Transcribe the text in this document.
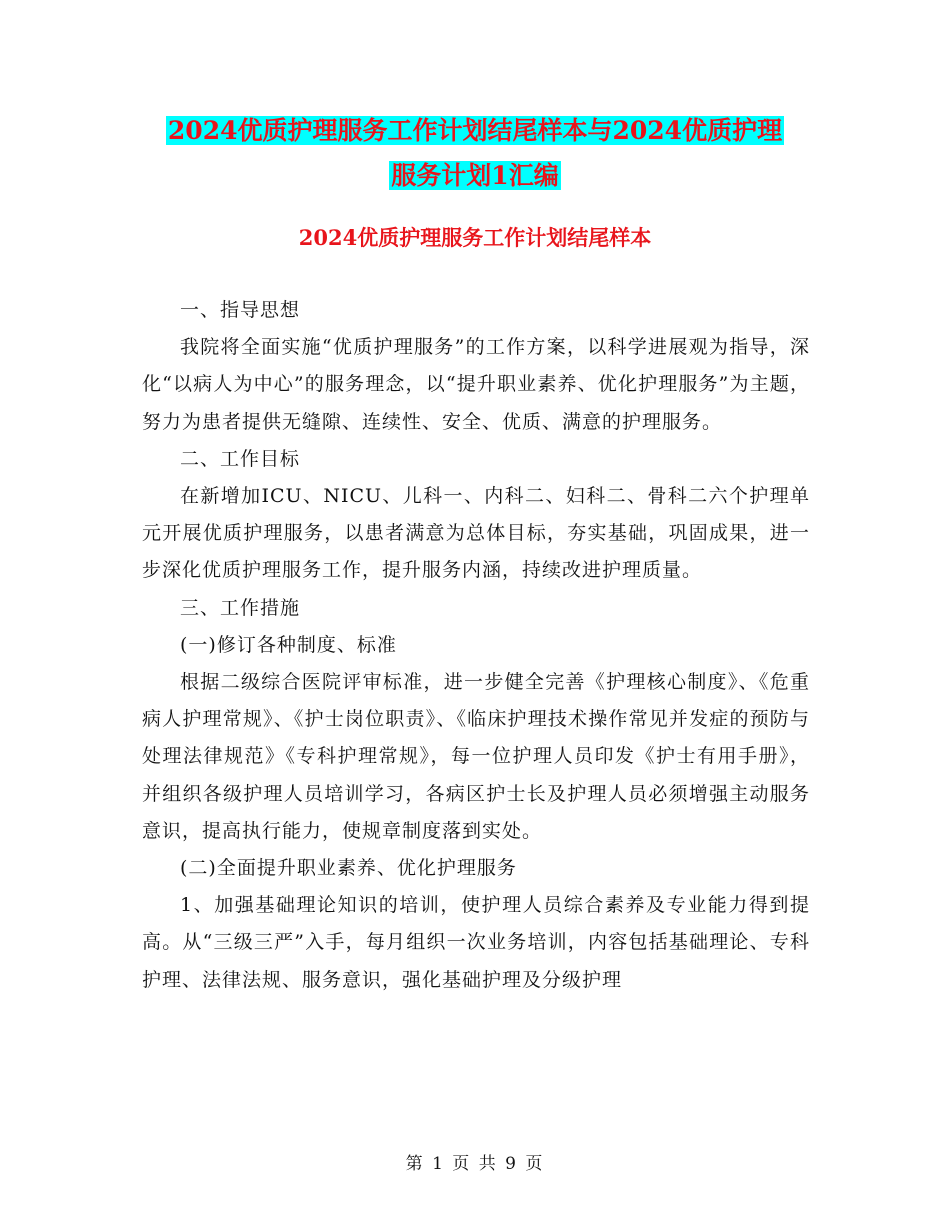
2024优质护理服务工作计划结尾样本与2024优质护理
服务计划1汇编
2024优质护理服务工作计划结尾样本

一、指导思想

我院将全面实施“优质护理服务”的工作方案，以科学进展观为指导，深化“以病人为中心”的服务理念，以“提升职业素养、优化护理服务”为主题，努力为患者提供无缝隙、连续性、安全、优质、满意的护理服务。

二、工作目标

在新增加ICU、NICU、儿科一、内科二、妇科二、骨科二六个护理单元开展优质护理服务，以患者满意为总体目标，夯实基础，巩固成果，进一步深化优质护理服务工作，提升服务内涵，持续改进护理质量。

三、工作措施

(一)修订各种制度、标准

根据二级综合医院评审标准，进一步健全完善《护理核心制度》、《危重病人护理常规》、《护士岗位职责》、《临床护理技术操作常见并发症的预防与处理法律规范》《专科护理常规》，每一位护理人员印发《护士有用手册》，并组织各级护理人员培训学习，各病区护士长及护理人员必须增强主动服务意识，提高执行能力，使规章制度落到实处。

(二)全面提升职业素养、优化护理服务

1、加强基础理论知识的培训，使护理人员综合素养及专业能力得到提高。从“三级三严”入手，每月组织一次业务培训，内容包括基础理论、专科护理、法律法规、服务意识，强化基础护理及分级护理

第 1 页 共 9 页
